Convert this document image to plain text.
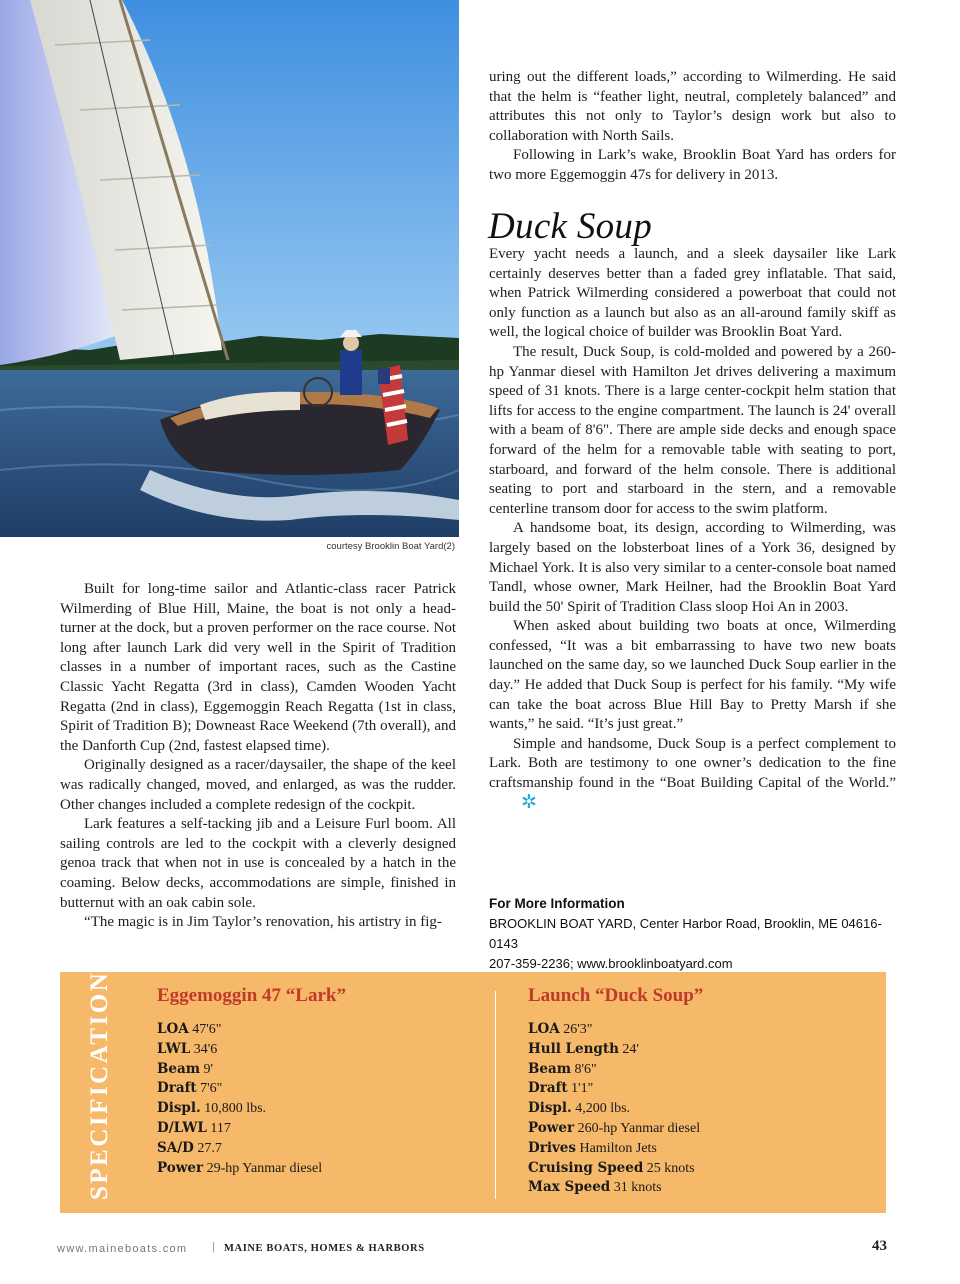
courtesy Brooklin Boat Yard(2)

uring out the different loads,” according to Wilmerding. He said that the helm is “feather light, neutral, completely balanced” and attributes this not only to Taylor’s design work but also to collaboration with North Sails.

Following in Lark’s wake, Brooklin Boat Yard has orders for two more Eggemoggin 47s for delivery in 2013.

Duck Soup

Every yacht needs a launch, and a sleek daysailer like Lark certainly deserves better than a faded grey inflatable. That said, when Patrick Wilmerding considered a powerboat that could not only function as a launch but also as an all-around family skiff as well, the logical choice of builder was Brooklin Boat Yard.

The result, Duck Soup, is cold-molded and powered by a 260-hp Yanmar diesel with Hamilton Jet drives delivering a maximum speed of 31 knots. There is a large center-cockpit helm station that lifts for access to the engine compartment. The launch is 24' overall with a beam of 8'6". There are ample side decks and enough space forward of the helm for a removable table with seating to port, starboard, and forward of the helm console. There is additional seating to port and starboard in the stern, and a removable centerline transom door for access to the swim platform.

A handsome boat, its design, according to Wilmerding, was largely based on the lobsterboat lines of a York 36, designed by Michael York. It is also very similar to a center-console boat named Tandl, whose owner, Mark Heilner, had the Brooklin Boat Yard build the 50' Spirit of Tradition Class sloop Hoi An in 2003.

When asked about building two boats at once, Wilmerding confessed, “It was a bit embarrassing to have two new boats launched on the same day, so we launched Duck Soup earlier in the day.” He added that Duck Soup is perfect for his family. “My wife can take the boat across Blue Hill Bay to Pretty Marsh if she wants,” he said. “It’s just great.”

Simple and handsome, Duck Soup is a perfect complement to Lark. Both are testimony to one owner’s dedication to the fine craftsmanship found in the “Boat Building Capital of the World.”✲

Built for long-time sailor and Atlantic-class racer Patrick Wilmerding of Blue Hill, Maine, the boat is not only a head-turner at the dock, but a proven performer on the race course. Not long after launch Lark did very well in the Spirit of Tradition classes in a number of important races, such as the Castine Classic Yacht Regatta (3rd in class), Camden Wooden Yacht Regatta (2nd in class), Eggemoggin Reach Regatta (1st in class, Spirit of Tradition B); Downeast Race Weekend (7th overall), and the Danforth Cup (2nd, fastest elapsed time).

Originally designed as a racer/daysailer, the shape of the keel was radically changed, moved, and enlarged, as was the rudder. Other changes included a complete redesign of the cockpit.

Lark features a self-tacking jib and a Leisure Furl boom. All sailing controls are led to the cockpit with a cleverly designed genoa track that when not in use is concealed by a hatch in the coaming. Below decks, accommodations are simple, finished in butternut with an oak cabin sole.

“The magic is in Jim Taylor’s renovation, his artistry in fig-

For More Information
BROOKLIN BOAT YARD, Center Harbor Road, Brooklin, ME 04616-0143
207-359-2236; www.brooklinboatyard.com
SPECIFICATIONS Eggemoggin 47 “Lark”
LOA 47'6"
LWL 34'6
Beam 9'
Draft 7'6"
Displ. 10,800 lbs.
D/LWL 117
SA/D 27.7
Power 29-hp Yanmar diesel
Launch “Duck Soup”
LOA 26'3"
Hull Length 24'
Beam 8'6"
Draft 1'1"
Displ. 4,200 lbs.
Power 260-hp Yanmar diesel
Drives Hamilton Jets
Cruising Speed 25 knots
Max Speed 31 knots
www.maineboats.com | MAINE BOATS, HOMES & HARBORS	43
